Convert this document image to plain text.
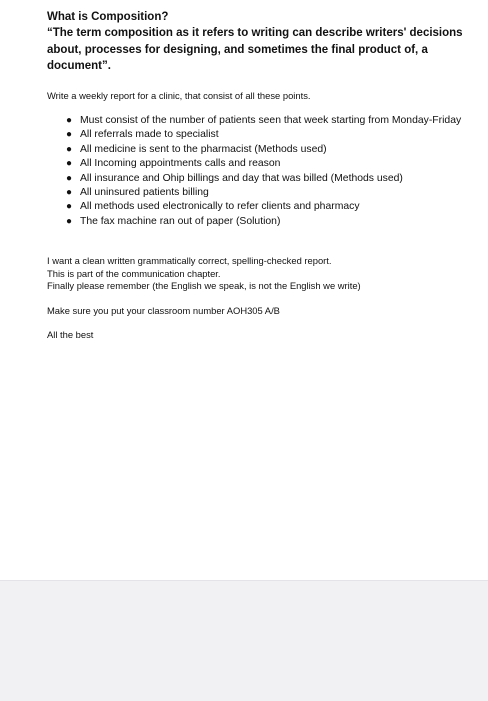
What is Composition?

“The term composition as it refers to writing can describe writers' decisions about, processes for designing, and sometimes the final product of, a document”.

Write a weekly report for a clinic, that consist of all these points.

● Must consist of the number of patients seen that week starting from Monday-Friday
● All referrals made to specialist
● All medicine is sent to the pharmacist (Methods used)
● All Incoming appointments calls and reason
● All insurance and Ohip billings and day that was billed (Methods used)
● All uninsured patients billing
● All methods used electronically to refer clients and pharmacy
● The fax machine ran out of paper (Solution)

I want a clean written grammatically correct, spelling-checked report.

This is part of the communication chapter.

Finally please remember (the English we speak, is not the English we write)

Make sure you put your classroom number AOH305 A/B

All the best
